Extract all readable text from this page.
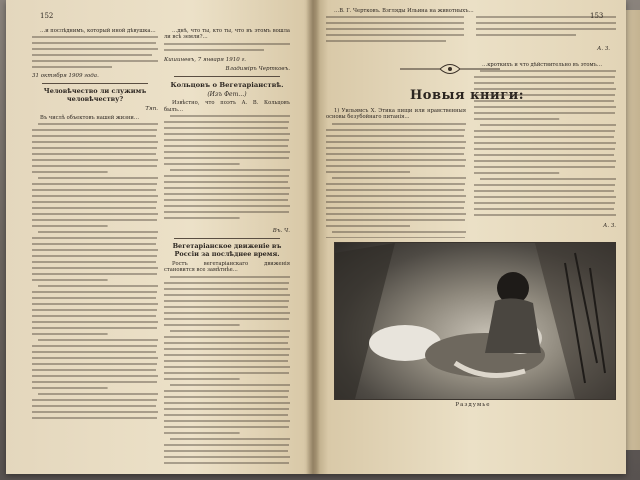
152

…и послѣднимъ, который иной дѣвушка…

31 октября 1909 года.
Человѣчество ли служимъ человѣчеству?
Тяп.

Въ числѣ объектовъ нашей жизни…

…днѣ, что ты, кто ты, что въ этомъ вошла ли всѣ земли?…

Кишиневъ, 7 января 1910 г.
Владиміръ Чертковъ.
Кольцовъ о Вегетаріанствѣ.
(Изъ Фет…)

Извѣстно, что поэтъ А. В. Кольцовъ былъ…

Въ. Ч.
Вегетаріанское движеніе въ Россіи за послѣднее время.

Ростъ вегетаріанскаго движенія становится все замѣтнѣе…

153

…В. Г. Чертковъ. Взгляды Ильина на животныхъ…

А. З.
Новыя книги:

1) Уильямсъ Х. Этика пищи или нравственныя основы безубойнаго питанія…

…кроткихъ и что дѣйствительно въ этомъ…

А. З.
Раздумье
